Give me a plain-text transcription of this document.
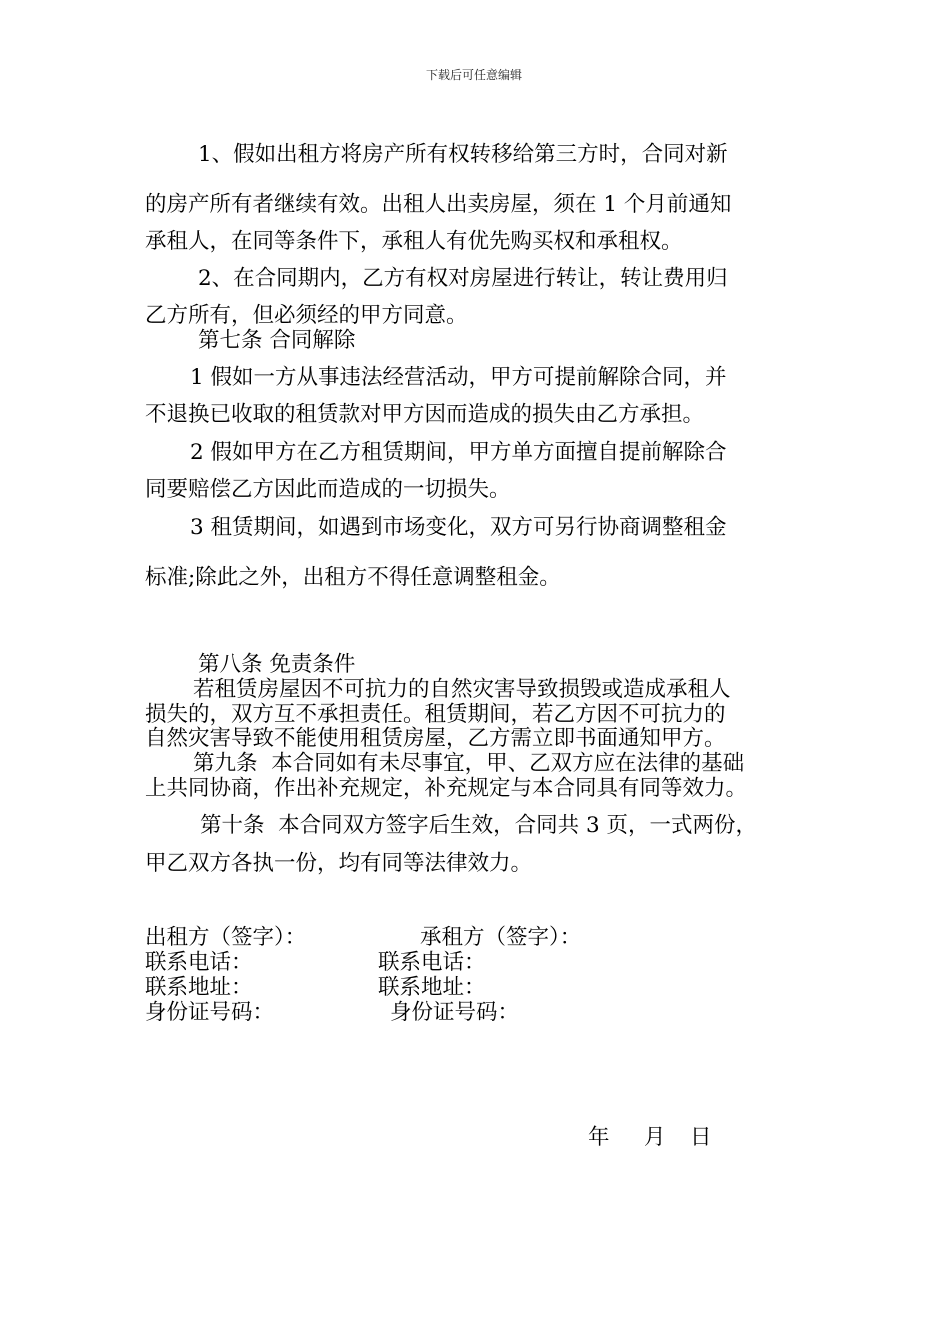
下载后可任意编辑
1、假如出租方将房产所有权转移给第三方时，合同对新
的房产所有者继续有效。出租人出卖房屋，须在 1 个月前通知
承租人，在同等条件下，承租人有优先购买权和承租权。
2、在合同期内，乙方有权对房屋进行转让，转让费用归
乙方所有，但必须经的甲方同意。
第七条 合同解除
1 假如一方从事违法经营活动，甲方可提前解除合同，并
不退换已收取的租赁款对甲方因而造成的损失由乙方承担。
2 假如甲方在乙方租赁期间，甲方单方面擅自提前解除合
同要赔偿乙方因此而造成的一切损失。
3 租赁期间，如遇到市场变化，双方可另行协商调整租金
标准;除此之外，出租方不得任意调整租金。
第八条 免责条件
若租赁房屋因不可抗力的自然灾害导致损毁或造成承租人
损失的，双方互不承担责任。租赁期间，若乙方因不可抗力的
自然灾害导致不能使用租赁房屋，乙方需立即书面通知甲方。
第九条  本合同如有未尽事宜，甲、乙双方应在法律的基础
上共同协商，作出补充规定，补充规定与本合同具有同等效力。
第十条  本合同双方签字后生效，合同共 3 页，一式两份，
甲乙双方各执一份，均有同等法律效力。
出租方（签字）：	承租方（签字）：
联系电话：	联系电话：
联系地址：	联系地址：
身份证号码：	身份证号码：
年 月 日
